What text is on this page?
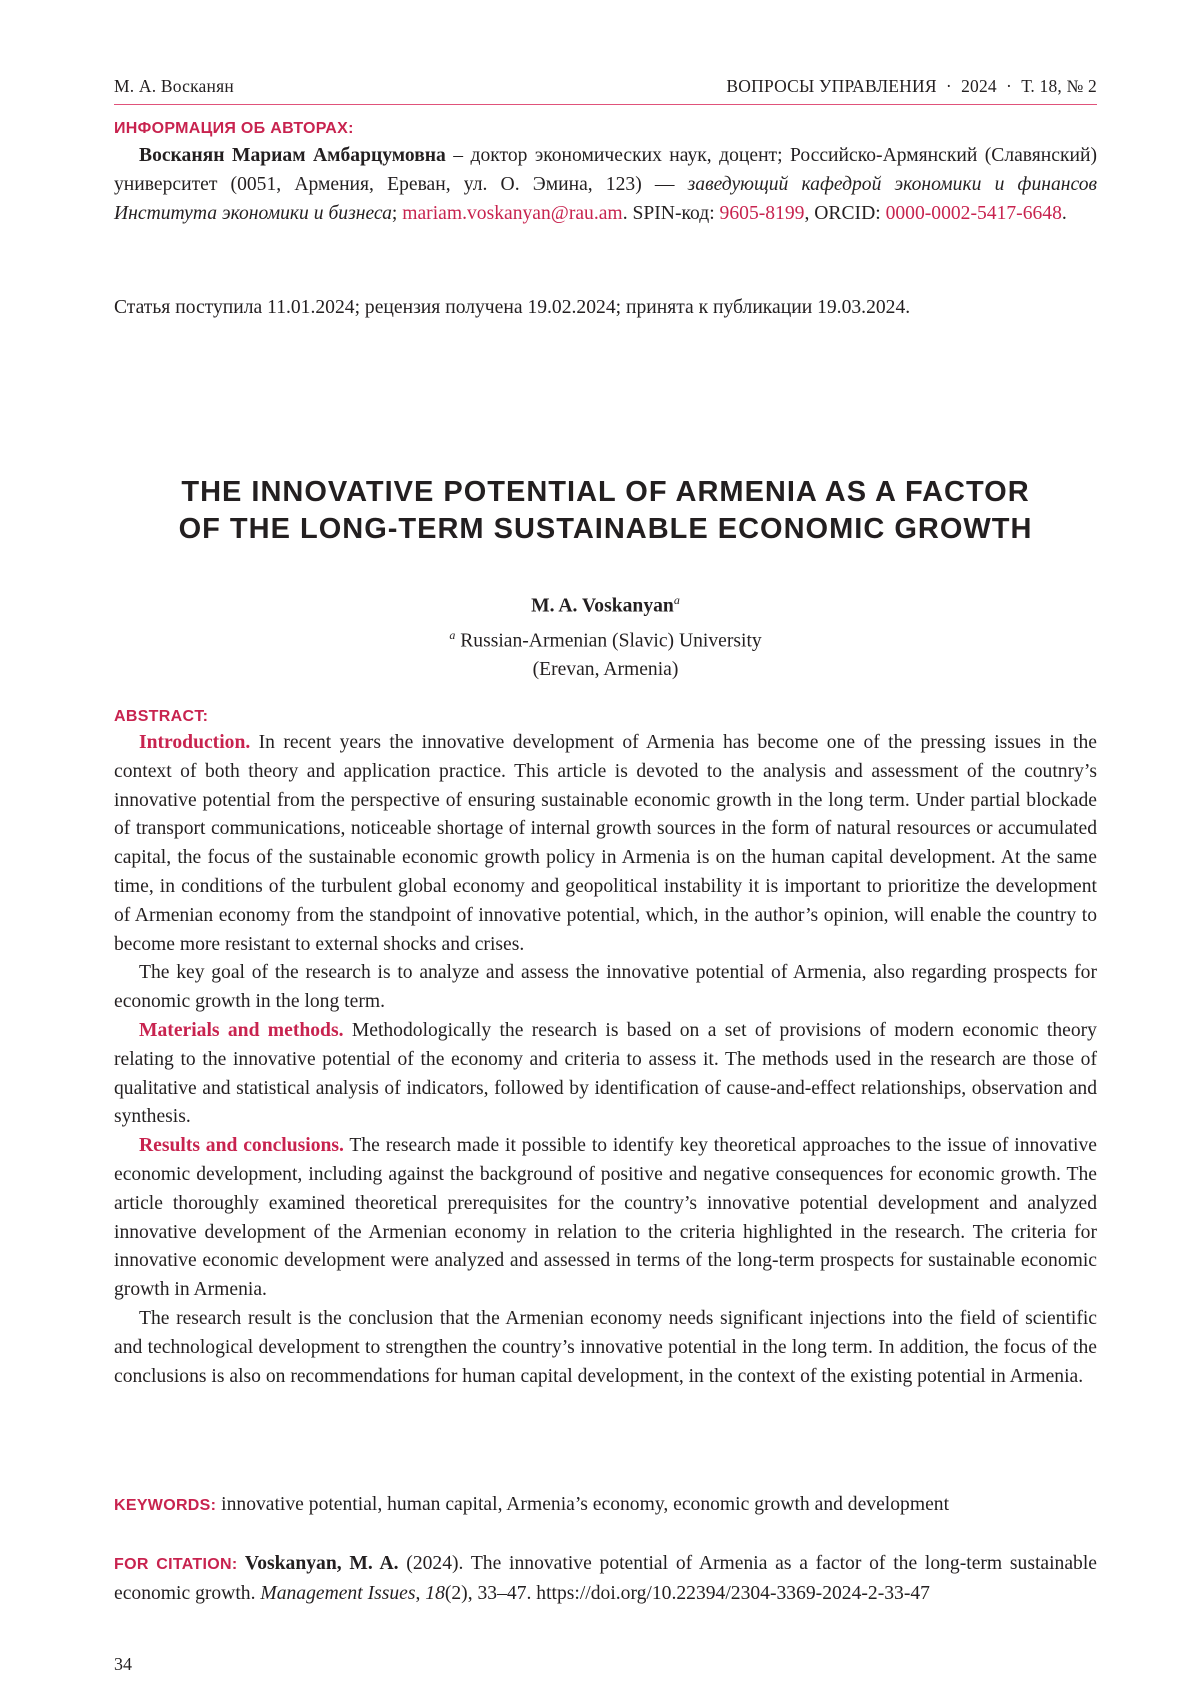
М. А. Восканян	ВОПРОСЫ УПРАВЛЕНИЯ · 2024 · Т. 18, № 2
ИНФОРМАЦИЯ ОБ АВТОРАХ:

Восканян Мариам Амбарцумовна – доктор экономических наук, доцент; Российско-Армянский (Славянский) университет (0051, Армения, Ереван, ул. О. Эмина, 123) — заведующий кафедрой экономики и финансов Института экономики и бизнеса; mariam.voskanyan@rau.am. SPIN-код: 9605-8199, ORCID: 0000-0002-5417-6648.

Статья поступила 11.01.2024; рецензия получена 19.02.2024; принята к публикации 19.03.2024.

THE INNOVATIVE POTENTIAL OF ARMENIA AS A FACTOR
OF THE LONG-TERM SUSTAINABLE ECONOMIC GROWTH
M. A. Voskanyana
a Russian-Armenian (Slavic) University
(Erevan, Armenia)
ABSTRACT:

Introduction. In recent years the innovative development of Armenia has become one of the pressing issues in the context of both theory and application practice. This article is devoted to the analysis and assessment of the coutnry’s innovative potential from the perspective of ensuring sustainable economic growth in the long term. Under partial blockade of transport communications, noticeable shortage of internal growth sources in the form of natural resources or accumulated capital, the focus of the sustainable economic growth policy in Armenia is on the human capital development. At the same time, in conditions of the turbulent global economy and geopolitical instability it is important to prioritize the development of Armenian economy from the standpoint of innovative potential, which, in the author’s opinion, will enable the country to become more resistant to external shocks and crises.

The key goal of the research is to analyze and assess the innovative potential of Armenia, also regarding prospects for economic growth in the long term.

Materials and methods. Methodologically the research is based on a set of provisions of modern economic theory relating to the innovative potential of the economy and criteria to assess it. The methods used in the research are those of qualitative and statistical analysis of indicators, followed by identification of cause-and-effect relationships, observation and synthesis.

Results and conclusions. The research made it possible to identify key theoretical approaches to the issue of innovative economic development, including against the background of positive and negative consequences for economic growth. The article thoroughly examined theoretical prerequisites for the country’s innovative potential development and analyzed innovative development of the Armenian economy in relation to the criteria highlighted in the research. The criteria for innovative economic development were analyzed and assessed in terms of the long-term prospects for sustainable economic growth in Armenia.

The research result is the conclusion that the Armenian economy needs significant injections into the field of scientific and technological development to strengthen the country’s innovative potential in the long term. In addition, the focus of the conclusions is also on recommendations for human capital development, in the context of the existing potential in Armenia.

KEYWORDS: innovative potential, human capital, Armenia’s economy, economic growth and development

FOR CITATION: Voskanyan, M. A. (2024). The innovative potential of Armenia as a factor of the long-term sustainable economic growth. Management Issues, 18(2), 33–47. https://doi.org/10.22394/2304-3369-2024-2-33-47

34
